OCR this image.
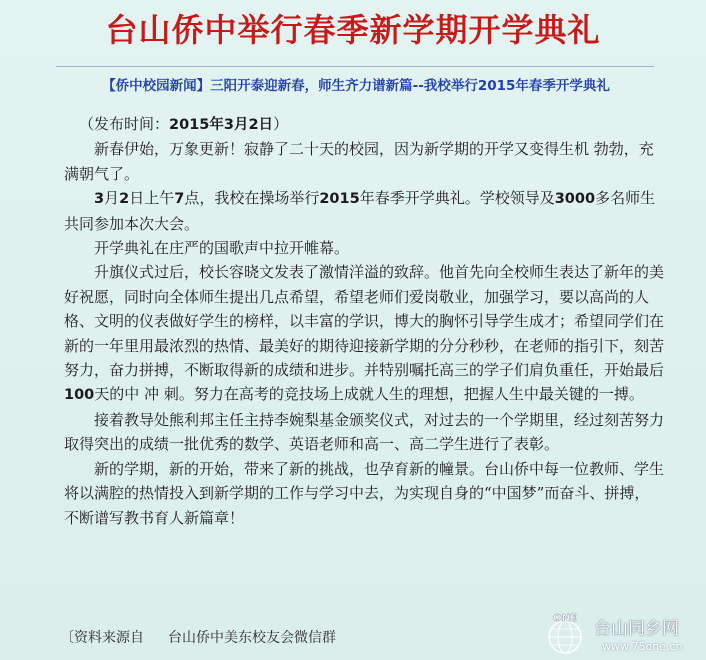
台山侨中举行春季新学期开学典礼
【侨中校园新闻】三阳开泰迎新春，师生齐力谱新篇--我校举行2015年春季开学典礼

（发布时间：2015年3月2日）

新春伊始，万象更新！寂静了二十天的校园，因为新学期的开学又变得生机 勃勃，充满朝气了。

3月2日上午7点，我校在操场举行2015年春季开学典礼。学校领导及3000多名师生共同参加本次大会。

开学典礼在庄严的国歌声中拉开帷幕。

升旗仪式过后，校长容晓文发表了激情洋溢的致辞。他首先向全校师生表达了新年的美好祝愿，同时向全体师生提出几点希望，希望老师们爱岗敬业，加强学习，要以高尚的人格、文明的仪表做好学生的榜样，以丰富的学识，博大的胸怀引导学生成才；希望同学们在新的一年里用最浓烈的热情、最美好的期待迎接新学期的分分秒秒，在老师的指引下，刻苦努力，奋力拼搏，不断取得新的成绩和进步。并特别嘱托高三的学子们肩负重任，开始最后100天的中 冲 刺。努力在高考的竞技场上成就人生的理想，把握人生中最关键的一搏。

接着教导处熊利邦主任主持李婉梨基金颁奖仪式，对过去的一个学期里，经过刻苦努力取得突出的成绩一批优秀的数学、英语老师和高一、高二学生进行了表彰。

新的学期，新的开始，带来了新的挑战，也孕育新的幢景。台山侨中每一位教师、学生将以满腔的热情投入到新学期的工作与学习中去，为实现自身的“中国梦”而奋斗、拼搏，不断谱写教书育人新篇章！

〔资料来源自 台山侨中美东校友会微信群
ONE
台山同乡网
www.75one.cn
